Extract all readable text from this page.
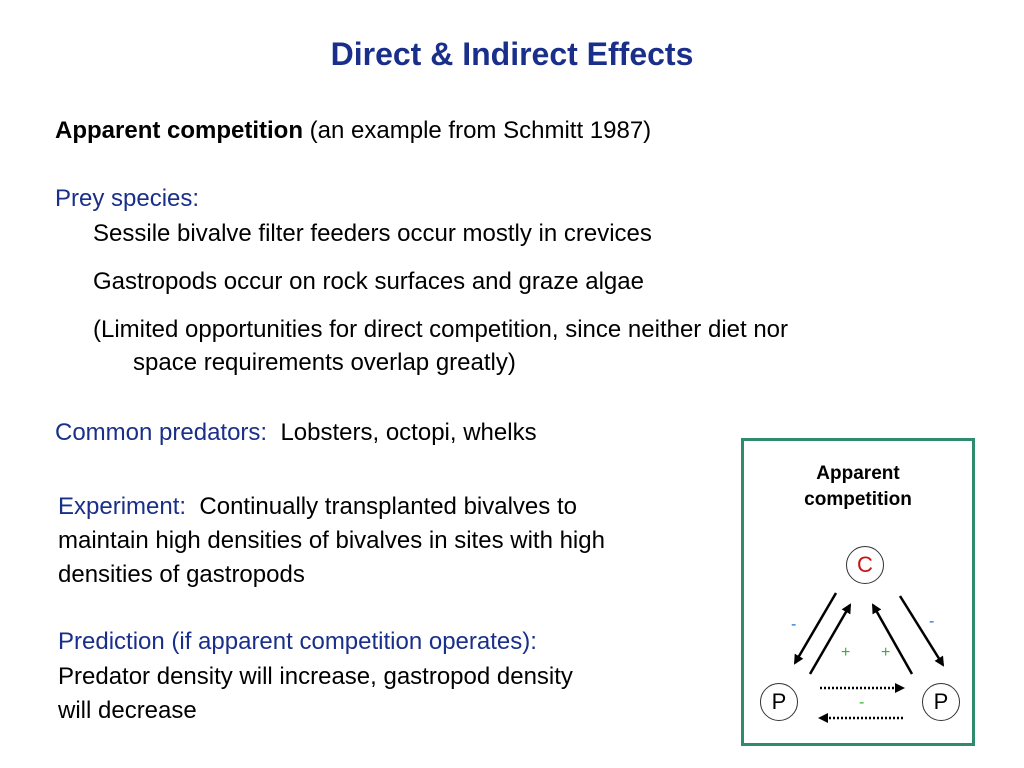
Direct & Indirect Effects
Apparent competition (an example from Schmitt 1987)
Prey species:
Sessile bivalve filter feeders occur mostly in crevices
Gastropods occur on rock surfaces and graze algae
(Limited opportunities for direct competition, since neither diet nor
space requirements overlap greatly)
Common predators: Lobsters, octopi, whelks
Experiment: Continually transplanted bivalves to
maintain high densities of bivalves in sites with high
densities of gastropods
Prediction (if apparent competition operates):
Predator density will increase, gastropod density
will decrease
Apparent
competition
C
P	P
-	-
+ +
-
